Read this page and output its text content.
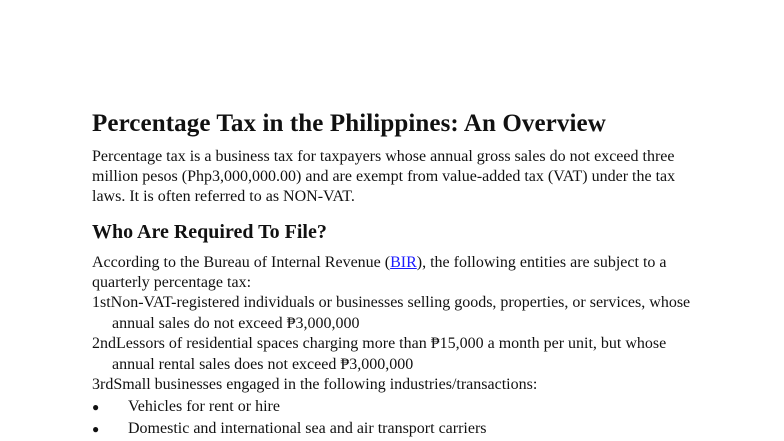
Percentage Tax in the Philippines: An Overview

Percentage tax is a business tax for taxpayers whose annual gross sales do not exceed three million pesos (Php3,000,000.00) and are exempt from value-added tax (VAT) under the tax laws. It is often referred to as NON-VAT.

Who Are Required To File?

According to the Bureau of Internal Revenue (BIR), the following entities are subject to a quarterly percentage tax:

1stNon-VAT-registered individuals or businesses selling goods, properties, or services, whose annual sales do not exceed ₱3,000,000
2ndLessors of residential spaces charging more than ₱15,000 a month per unit, but whose annual rental sales does not exceed ₱3,000,000
3rdSmall businesses engaged in the following industries/transactions:
●	Vehicles for rent or hire
●	Domestic and international sea and air transport carriers
